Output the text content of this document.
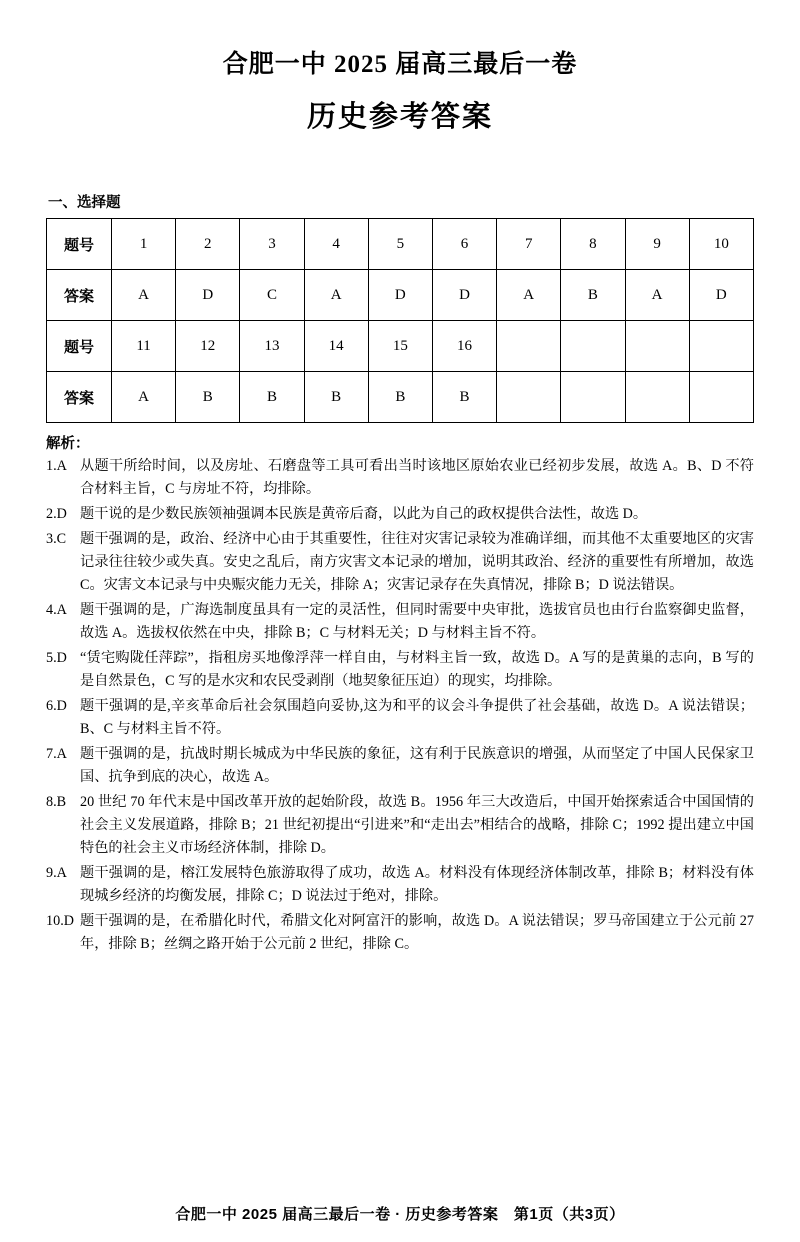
合肥一中 2025 届高三最后一卷
历史参考答案
一、选择题
题号	1	2	3	4	5	6	7	8	9	10
答案	A	D	C	A	D	D	A	B	A	D
题号	11	12	13	14	15	16				
答案	A	B	B	B	B	B				
解析：
1.A 从题干所给时间，以及房址、石磨盘等工具可看出当时该地区原始农业已经初步发展，故选 A。B、D 不符合材料主旨，C 与房址不符，均排除。
2.D 题干说的是少数民族领袖强调本民族是黄帝后裔，以此为自己的政权提供合法性，故选 D。
3.C 题干强调的是，政治、经济中心由于其重要性，往往对灾害记录较为准确详细，而其他不太重要地区的灾害记录往往较少或失真。安史之乱后，南方灾害文本记录的增加，说明其政治、经济的重要性有所增加，故选 C。灾害文本记录与中央赈灾能力无关，排除 A；灾害记录存在失真情况，排除 B；D 说法错误。
4.A 题干强调的是，广海选制度虽具有一定的灵活性，但同时需要中央审批，选拔官员也由行台监察御史监督，故选 A。选拔权依然在中央，排除 B；C 与材料无关；D 与材料主旨不符。
5.D “赁宅购陇任萍踪”，指租房买地像浮萍一样自由，与材料主旨一致，故选 D。A 写的是黄巢的志向，B 写的是自然景色，C 写的是水灾和农民受剥削（地契象征压迫）的现实，均排除。
6.D 题干强调的是,辛亥革命后社会氛围趋向妥协,这为和平的议会斗争提供了社会基础，故选 D。A 说法错误；B、C 与材料主旨不符。
7.A 题干强调的是，抗战时期长城成为中华民族的象征，这有利于民族意识的增强，从而坚定了中国人民保家卫国、抗争到底的决心，故选 A。
8.B 20 世纪 70 年代末是中国改革开放的起始阶段，故选 B。1956 年三大改造后，中国开始探索适合中国国情的社会主义发展道路，排除 B；21 世纪初提出“引进来”和“走出去”相结合的战略，排除 C；1992 提出建立中国特色的社会主义市场经济体制，排除 D。
9.A 题干强调的是，榕江发展特色旅游取得了成功，故选 A。材料没有体现经济体制改革，排除 B；材料没有体现城乡经济的均衡发展，排除 C；D 说法过于绝对，排除。
10.D 题干强调的是，在希腊化时代，希腊文化对阿富汗的影响，故选 D。A 说法错误；罗马帝国建立于公元前 27 年，排除 B；丝绸之路开始于公元前 2 世纪，排除 C。
合肥一中 2025 届高三最后一卷 · 历史参考答案　第1页（共3页）
